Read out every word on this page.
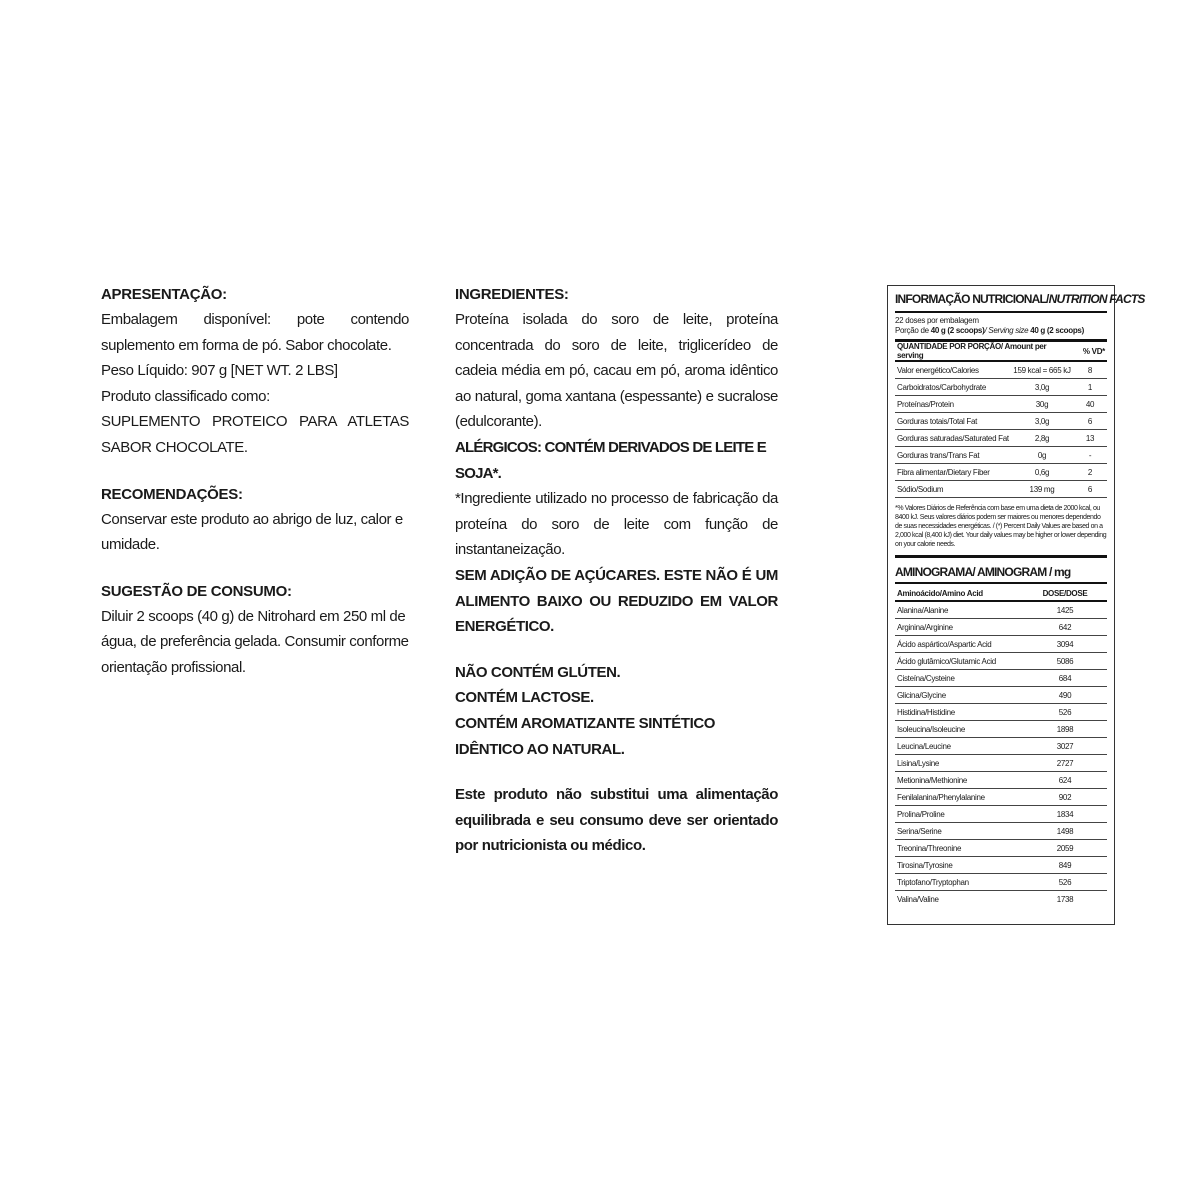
APRESENTAÇÃO:

Embalagem disponível: pote contendo suplemento em forma de pó. Sabor chocolate.

Peso Líquido: 907 g [NET WT. 2 LBS]

Produto classificado como:

SUPLEMENTO PROTEICO PARA ATLETAS SABOR CHOCOLATE.

RECOMENDAÇÕES:

Conservar este produto ao abrigo de luz, calor e umidade.

SUGESTÃO DE CONSUMO:

Diluir 2 scoops (40 g) de Nitrohard em 250 ml de água, de preferência gelada. Consumir conforme orientação profissional.

INGREDIENTES:

Proteína isolada do soro de leite, proteína concentrada do soro de leite, triglicerídeo de cadeia média em pó, cacau em pó, aroma idêntico ao natural, goma xantana (espessante) e sucralose (edulcorante).

ALÉRGICOS: CONTÉM DERIVADOS DE LEITE E SOJA*.

*Ingrediente utilizado no processo de fabricação da proteína do soro de leite com função de instantaneização.

SEM ADIÇÃO DE AÇÚCARES. ESTE NÃO É UM ALIMENTO BAIXO OU REDUZIDO EM VALOR ENERGÉTICO.

NÃO CONTÉM GLÚTEN.

CONTÉM LACTOSE.

CONTÉM AROMATIZANTE SINTÉTICO IDÊNTICO AO NATURAL.

Este produto não substitui uma alimentação equilibrada e seu consumo deve ser orientado por nutricionista ou médico.

INFORMAÇÃO NUTRICIONAL/NUTRITION FACTS
22 doses por embalagem
Porção de 40 g (2 scoops)/ Serving size 40 g (2 scoops)
QUANTIDADE POR PORÇÃO/ Amount per serving		% VD*
Valor energético/Calories	159 kcal = 665 kJ	8
Carboidratos/Carbohydrate	3,0g	1
Proteínas/Protein	30g	40
Gorduras totais/Total Fat	3,0g	6
Gorduras saturadas/Saturated Fat	2,8g	13
Gorduras trans/Trans Fat	0g	-
Fibra alimentar/Dietary Fiber	0,6g	2
Sódio/Sodium	139 mg	6
*% Valores Diários de Referência com base em uma dieta de 2000 kcal, ou 8400 kJ. Seus valores diários podem ser maiores ou menores dependendo de suas necessidades energéticas. / (*) Percent Daily Values are based on a 2,000 kcal (8,400 kJ) diet. Your daily values may be higher or lower depending on your calorie needs.
AMINOGRAMA/ AMINOGRAM / mg
Aminoácido/Amino Acid	DOSE/DOSE
Alanina/Alanine	1425
Arginina/Arginine	642
Ácido aspártico/Aspartic Acid	3094
Ácido glutâmico/Glutamic Acid	5086
Cisteína/Cysteine	684
Glicina/Glycine	490
Histidina/Histidine	526
Isoleucina/Isoleucine	1898
Leucina/Leucine	3027
Lisina/Lysine	2727
Metionina/Methionine	624
Fenilalanina/Phenylalanine	902
Prolina/Proline	1834
Serina/Serine	1498
Treonina/Threonine	2059
Tirosina/Tyrosine	849
Triptofano/Tryptophan	526
Valina/Valine	1738
